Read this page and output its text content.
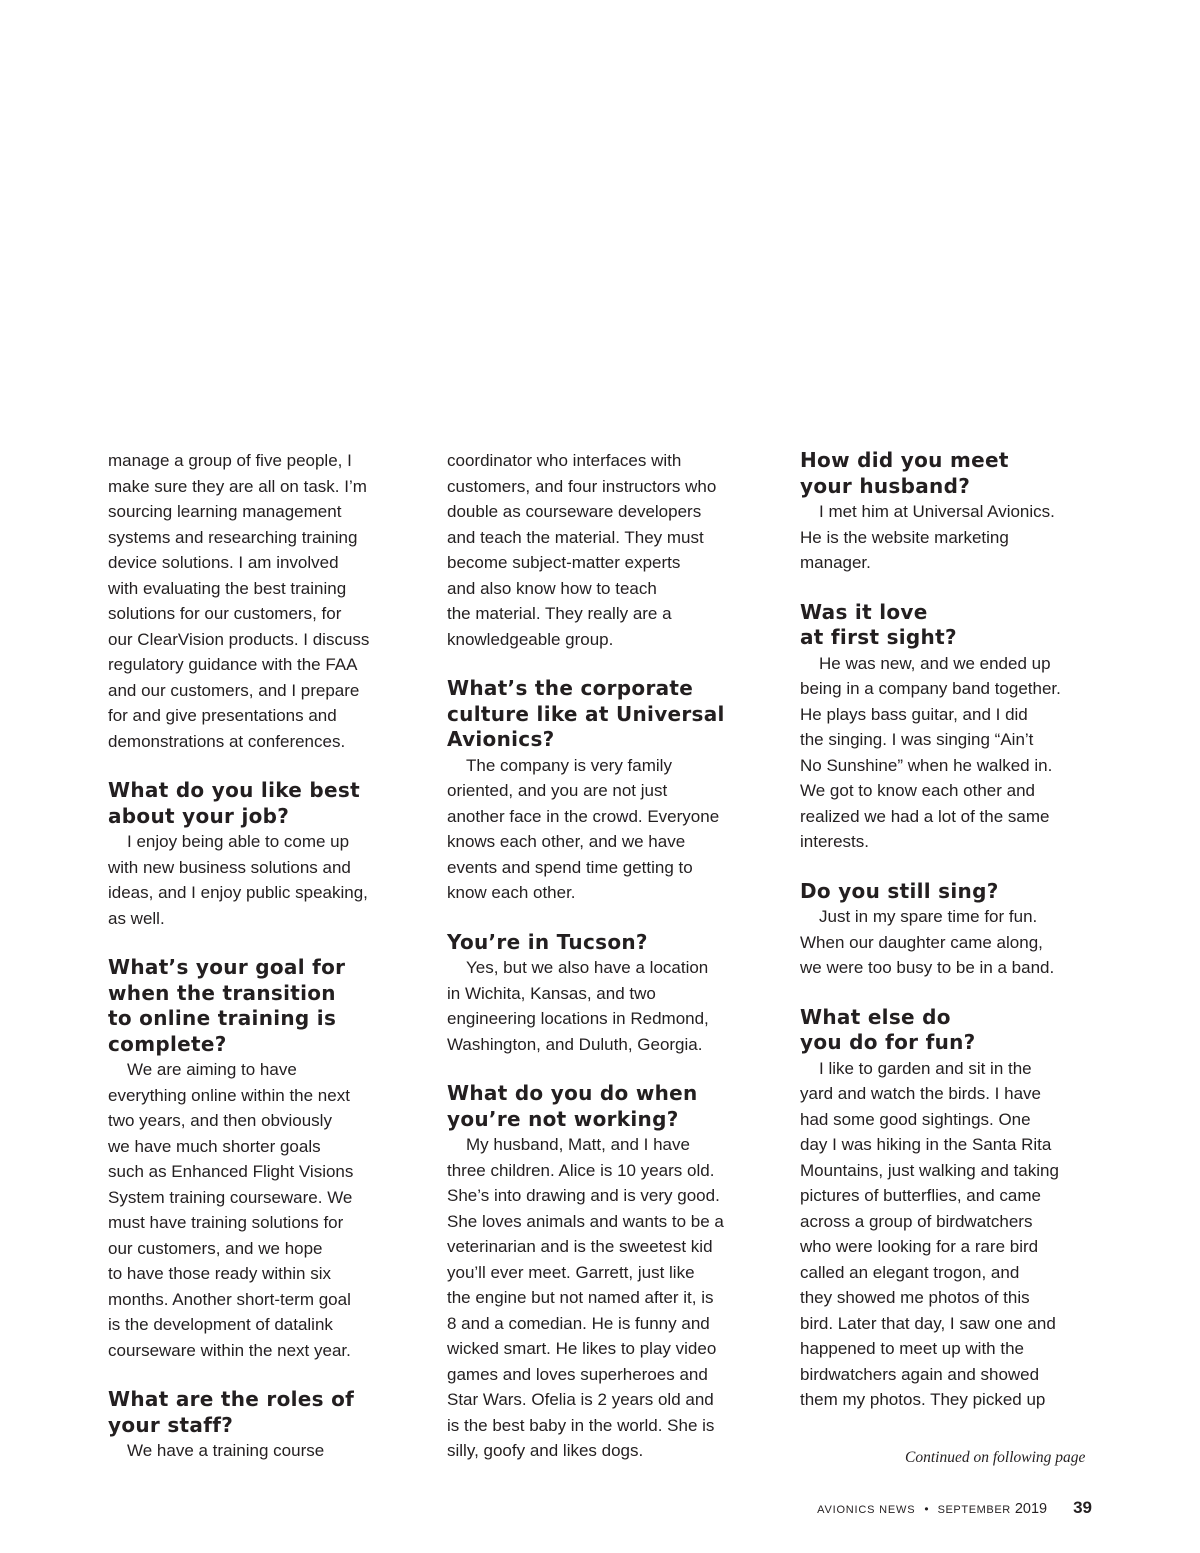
manage a group of five people, I
make sure they are all on task. I’m
sourcing learning management
systems and researching training
device solutions. I am involved
with evaluating the best training
solutions for our customers, for
our ClearVision products. I discuss
regulatory guidance with the FAA
and our customers, and I prepare
for and give presentations and
demonstrations at conferences.

What do you like best
about your job?

I enjoy being able to come up
with new business solutions and
ideas, and I enjoy public speaking,
as well.

What’s your goal for
when the transition
to online training is
complete?

We are aiming to have
everything online within the next
two years, and then obviously
we have much shorter goals
such as Enhanced Flight Visions
System training courseware. We
must have training solutions for
our customers, and we hope
to have those ready within six
months. Another short-term goal
is the development of datalink
courseware within the next year.

What are the roles of
your staff?

We have a training course

coordinator who interfaces with
customers, and four instructors who
double as courseware developers
and teach the material. They must
become subject-matter experts
and also know how to teach
the material. They really are a
knowledgeable group.

What’s the corporate
culture like at Universal
Avionics?

The company is very family
oriented, and you are not just
another face in the crowd. Everyone
knows each other, and we have
events and spend time getting to
know each other.

You’re in Tucson?

Yes, but we also have a location
in Wichita, Kansas, and two
engineering locations in Redmond,
Washington, and Duluth, Georgia.

What do you do when
you’re not working?

My husband, Matt, and I have
three children. Alice is 10 years old.
She’s into drawing and is very good.
She loves animals and wants to be a
veterinarian and is the sweetest kid
you’ll ever meet. Garrett, just like
the engine but not named after it, is
8 and a comedian. He is funny and
wicked smart. He likes to play video
games and loves superheroes and
Star Wars. Ofelia is 2 years old and
is the best baby in the world. She is
silly, goofy and likes dogs.

How did you meet
your husband?

I met him at Universal Avionics.
He is the website marketing
manager.

Was it love
at first sight?

He was new, and we ended up
being in a company band together.
He plays bass guitar, and I did
the singing. I was singing “Ain’t
No Sunshine” when he walked in.
We got to know each other and
realized we had a lot of the same
interests.

Do you still sing?

Just in my spare time for fun.
When our daughter came along,
we were too busy to be in a band.

What else do
you do for fun?

I like to garden and sit in the
yard and watch the birds. I have
had some good sightings. One
day I was hiking in the Santa Rita
Mountains, just walking and taking
pictures of butterflies, and came
across a group of birdwatchers
who were looking for a rare bird
called an elegant trogon, and
they showed me photos of this
bird. Later that day, I saw one and
happened to meet up with the
birdwatchers again and showed
them my photos. They picked up

Continued on following page
AVIONICS NEWS • SEPTEMBER 2019 39
